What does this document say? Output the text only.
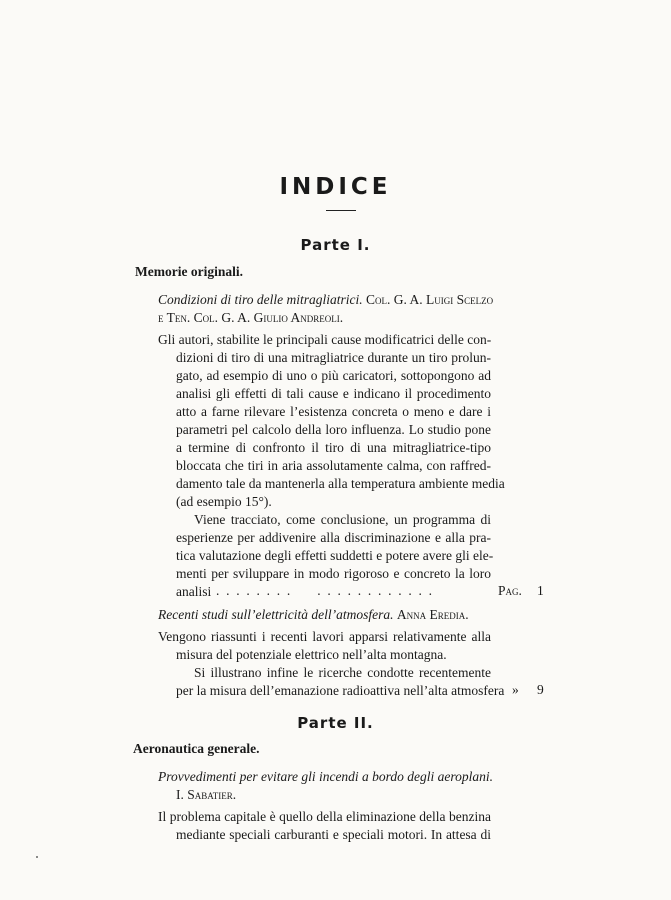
INDICE
Parte I.
Memorie originali.
Condizioni di tiro delle mitragliatrici. Col. G. A. Luigi Scelzo
e Ten. Col. G. A. Giulio Andreoli.
Gli autori, stabilite le principali cause modificatrici delle con-
dizioni di tiro di una mitragliatrice durante un tiro prolun-
gato, ad esempio di uno o più caricatori, sottopongono ad
analisi gli effetti di tali cause e indicano il procedimento
atto a farne rilevare l’esistenza concreta o meno e dare i
parametri pel calcolo della loro influenza. Lo studio pone
a termine di confronto il tiro di una mitragliatrice-tipo
bloccata che tiri in aria assolutamente calma, con raffred-
damento tale da mantenerla alla temperatura ambiente media
(ad esempio 15°).
Viene tracciato, come conclusione, un programma di
esperienze per addivenire alla discriminazione e alla pra-
tica valutazione degli effetti suddetti e potere avere gli ele-
menti per sviluppare in modo rigoroso e concreto la loro
analisi .  .  .  .  .  .  .  .        .  .  .  .  .  .  .  .  .  .  .  .	Pag. 1
Recenti studi sull’elettricità dell’atmosfera. Anna Eredia.
Vengono riassunti i recenti lavori apparsi relativamente alla
misura del potenziale elettrico nell’alta montagna.
Si illustrano infine le ricerche condotte recentemente
per la misura dell’emanazione radioattiva nell’alta atmosfera » 9
Parte II.
Aeronautica generale.
Provvedimenti per evitare gli incendi a bordo degli aeroplani.
I. Sabatier.
Il problema capitale è quello della eliminazione della benzina
mediante speciali carburanti e speciali motori. In attesa di
